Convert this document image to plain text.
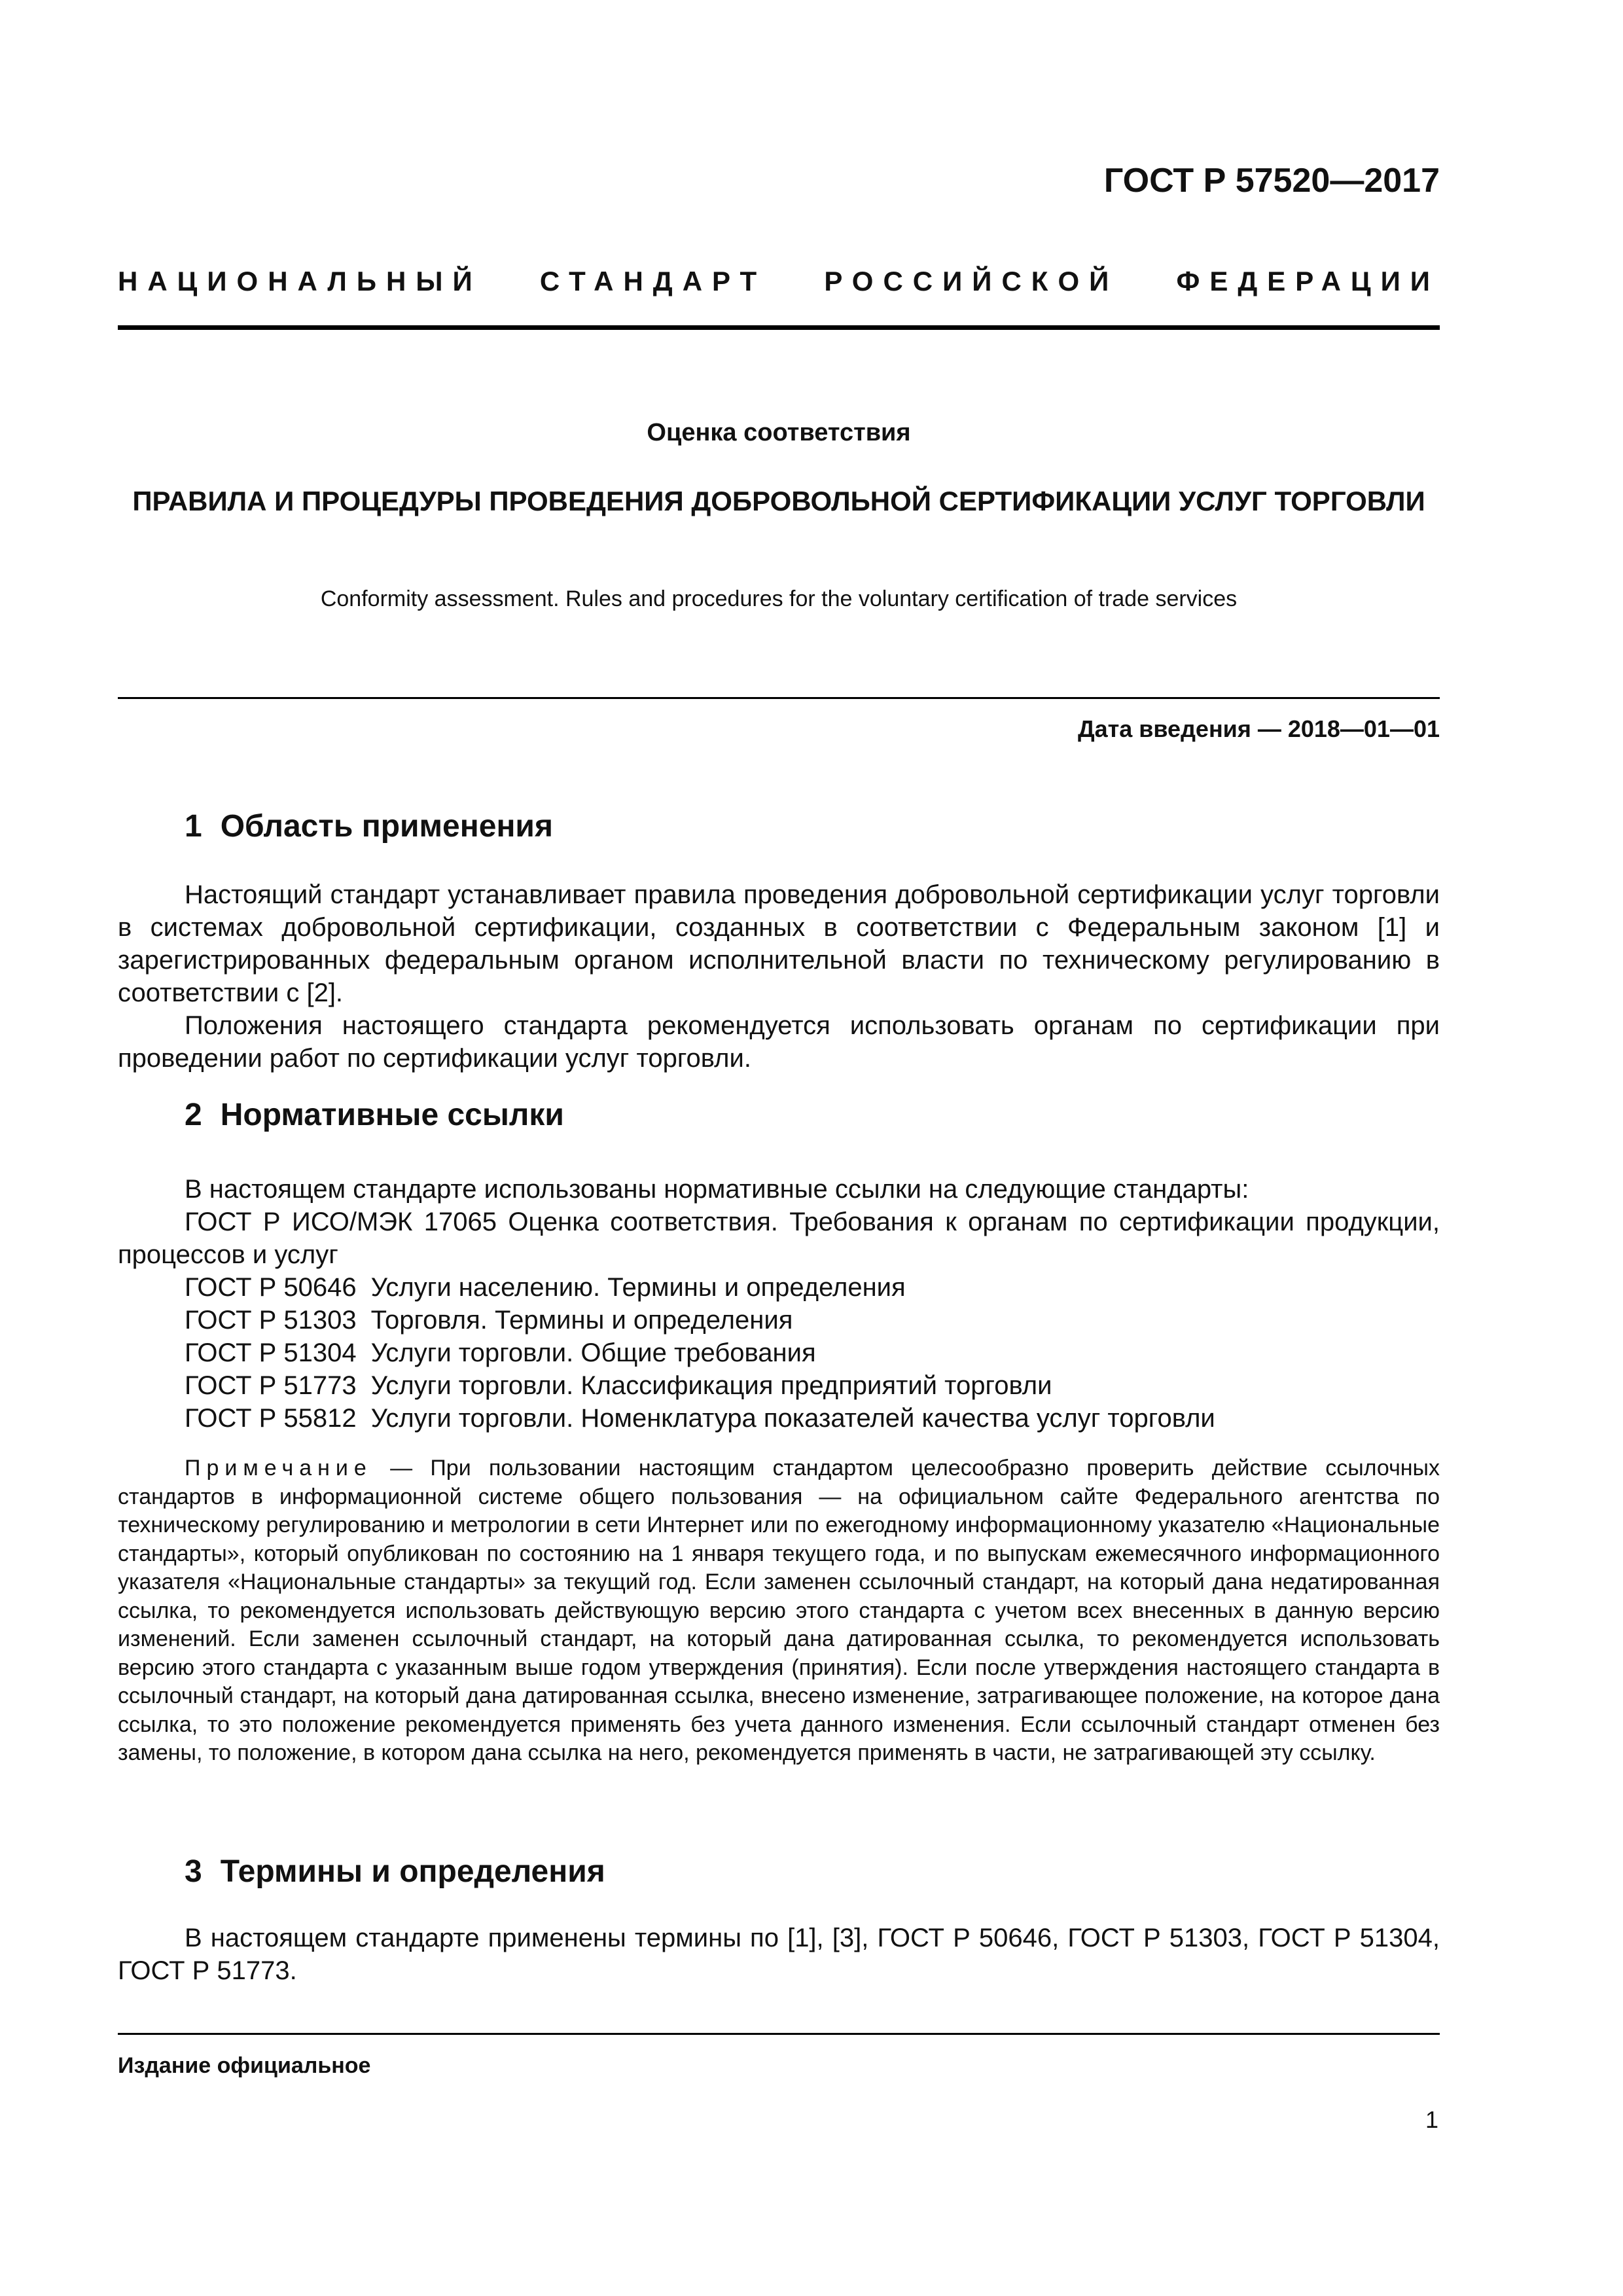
ГОСТ Р 57520—2017
НАЦИОНАЛЬНЫЙ СТАНДАРТ РОССИЙСКОЙ ФЕДЕРАЦИИ
Оценка соответствия
ПРАВИЛА И ПРОЦЕДУРЫ ПРОВЕДЕНИЯ ДОБРОВОЛЬНОЙ СЕРТИФИКАЦИИ УСЛУГ ТОРГОВЛИ
Conformity assessment. Rules and procedures for the voluntary certification of trade services
Дата введения — 2018—01—01
1 Область применения

Настоящий стандарт устанавливает правила проведения добровольной сертификации услуг торговли в системах добровольной сертификации, созданных в соответствии с Федеральным законом [1] и зарегистрированных федеральным органом исполнительной власти по техническому регулированию в соответствии с [2].

Положения настоящего стандарта рекомендуется использовать органам по сертификации при проведении работ по сертификации услуг торговли.

2 Нормативные ссылки
В настоящем стандарте использованы нормативные ссылки на следующие стандарты:
ГОСТ Р ИСО/МЭК 17065 Оценка соответствия. Требования к органам по сертификации продукции, процессов и услуг
ГОСТ Р 50646 Услуги населению. Термины и определения
ГОСТ Р 51303 Торговля. Термины и определения
ГОСТ Р 51304 Услуги торговли. Общие требования
ГОСТ Р 51773 Услуги торговли. Классификация предприятий торговли
ГОСТ Р 55812 Услуги торговли. Номенклатура показателей качества услуг торговли
Примечание — При пользовании настоящим стандартом целесообразно проверить действие ссылочных стандартов в информационной системе общего пользования — на официальном сайте Федерального агентства по техническому регулированию и метрологии в сети Интернет или по ежегодному информационному указателю «Национальные стандарты», который опубликован по состоянию на 1 января текущего года, и по выпускам ежемесячного информационного указателя «Национальные стандарты» за текущий год. Если заменен ссылочный стандарт, на который дана недатированная ссылка, то рекомендуется использовать действующую версию этого стандарта с учетом всех внесенных в данную версию изменений. Если заменен ссылочный стандарт, на который дана датированная ссылка, то рекомендуется использовать версию этого стандарта с указанным выше годом утверждения (принятия). Если после утверждения настоящего стандарта в ссылочный стандарт, на который дана датированная ссылка, внесено изменение, затрагивающее положение, на которое дана ссылка, то это положение рекомендуется применять без учета данного изменения. Если ссылочный стандарт отменен без замены, то положение, в котором дана ссылка на него, рекомендуется применять в части, не затрагивающей эту ссылку.
3 Термины и определения

В настоящем стандарте применены термины по [1], [3], ГОСТ Р 50646, ГОСТ Р 51303, ГОСТ Р 51304, ГОСТ Р 51773.

Издание официальное
1
